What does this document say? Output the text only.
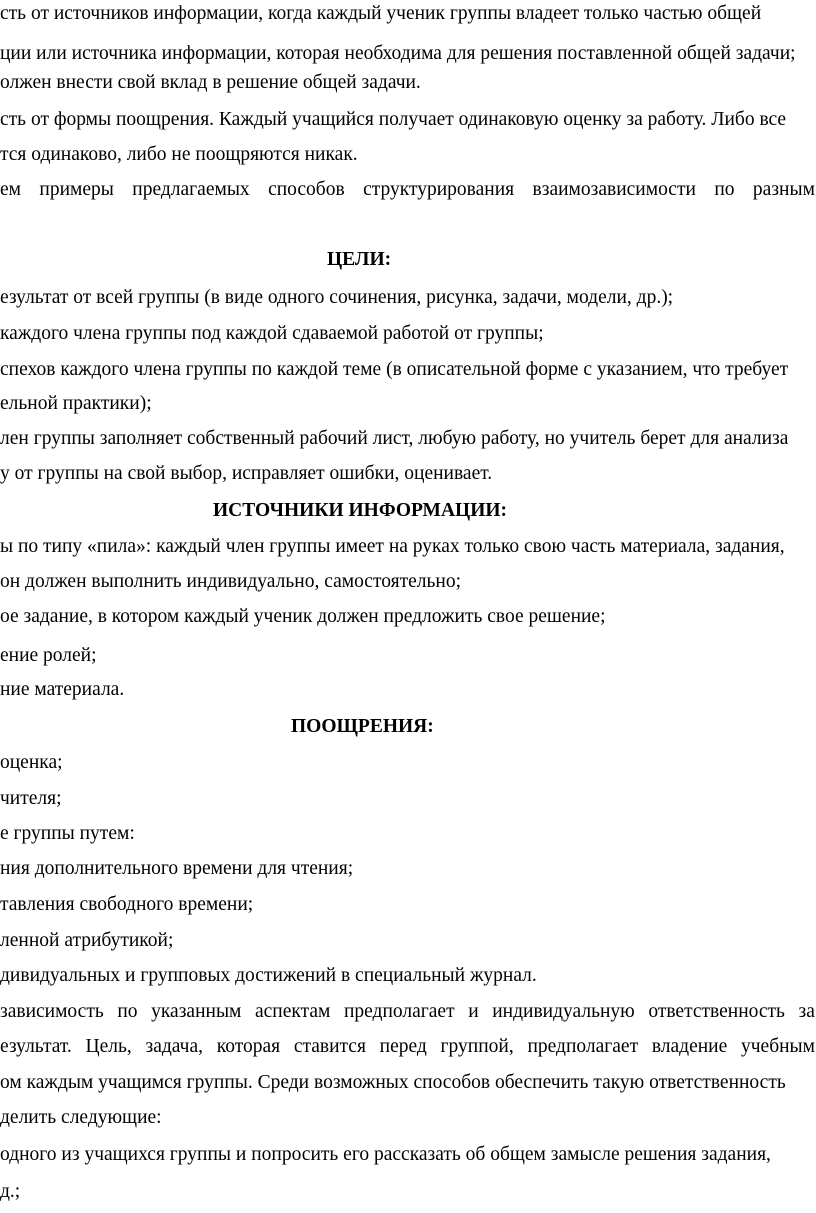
сть от источников информации, когда каждый ученик группы владеет только частью общей
ции или источника информации, которая необходима для решения поставленной общей задачи;
олжен внести свой вклад в решение общей задачи.
сть от формы поощрения. Каждый учащийся получает одинаковую оценку за работу. Либо все
тся одинаково, либо не поощряются никак.
ем примеры предлагаемых способов структурирования взаимозависимости по разным
ЦЕЛИ:
езультат от всей группы (в виде одного сочинения, рисунка, задачи, модели, др.);
каждого члена группы под каждой сдаваемой работой от группы;
спехов каждого члена группы по каждой теме (в описательной форме с указанием, что требует
ельной практики);
лен группы заполняет собственный рабочий лист, любую работу, но учитель берет для анализа
у от группы на свой выбор, исправляет ошибки, оценивает.
ИСТОЧНИКИ ИНФОРМАЦИИ:
ы по типу «пила»: каждый член группы имеет на руках только свою часть материала, задания,
он должен выполнить индивидуально, самостоятельно;
ое задание, в котором каждый ученик должен предложить свое решение;
ение ролей;
ние материала.
ПООЩРЕНИЯ:
оценка;
чителя;
е группы путем:
ния дополнительного времени для чтения;
тавления свободного времени;
ленной атрибутикой;
дивидуальных и групповых достижений в специальный журнал.
зависимость по указанным аспектам предполагает и индивидуальную ответственность за
езультат. Цель, задача, которая ставится перед группой, предполагает владение учебным
ом каждым учащимся группы. Среди возможных способов обеспечить такую ответственность
делить следующие:
одного из учащихся группы и попросить его рассказать об общем замысле решения задания,
д.;
